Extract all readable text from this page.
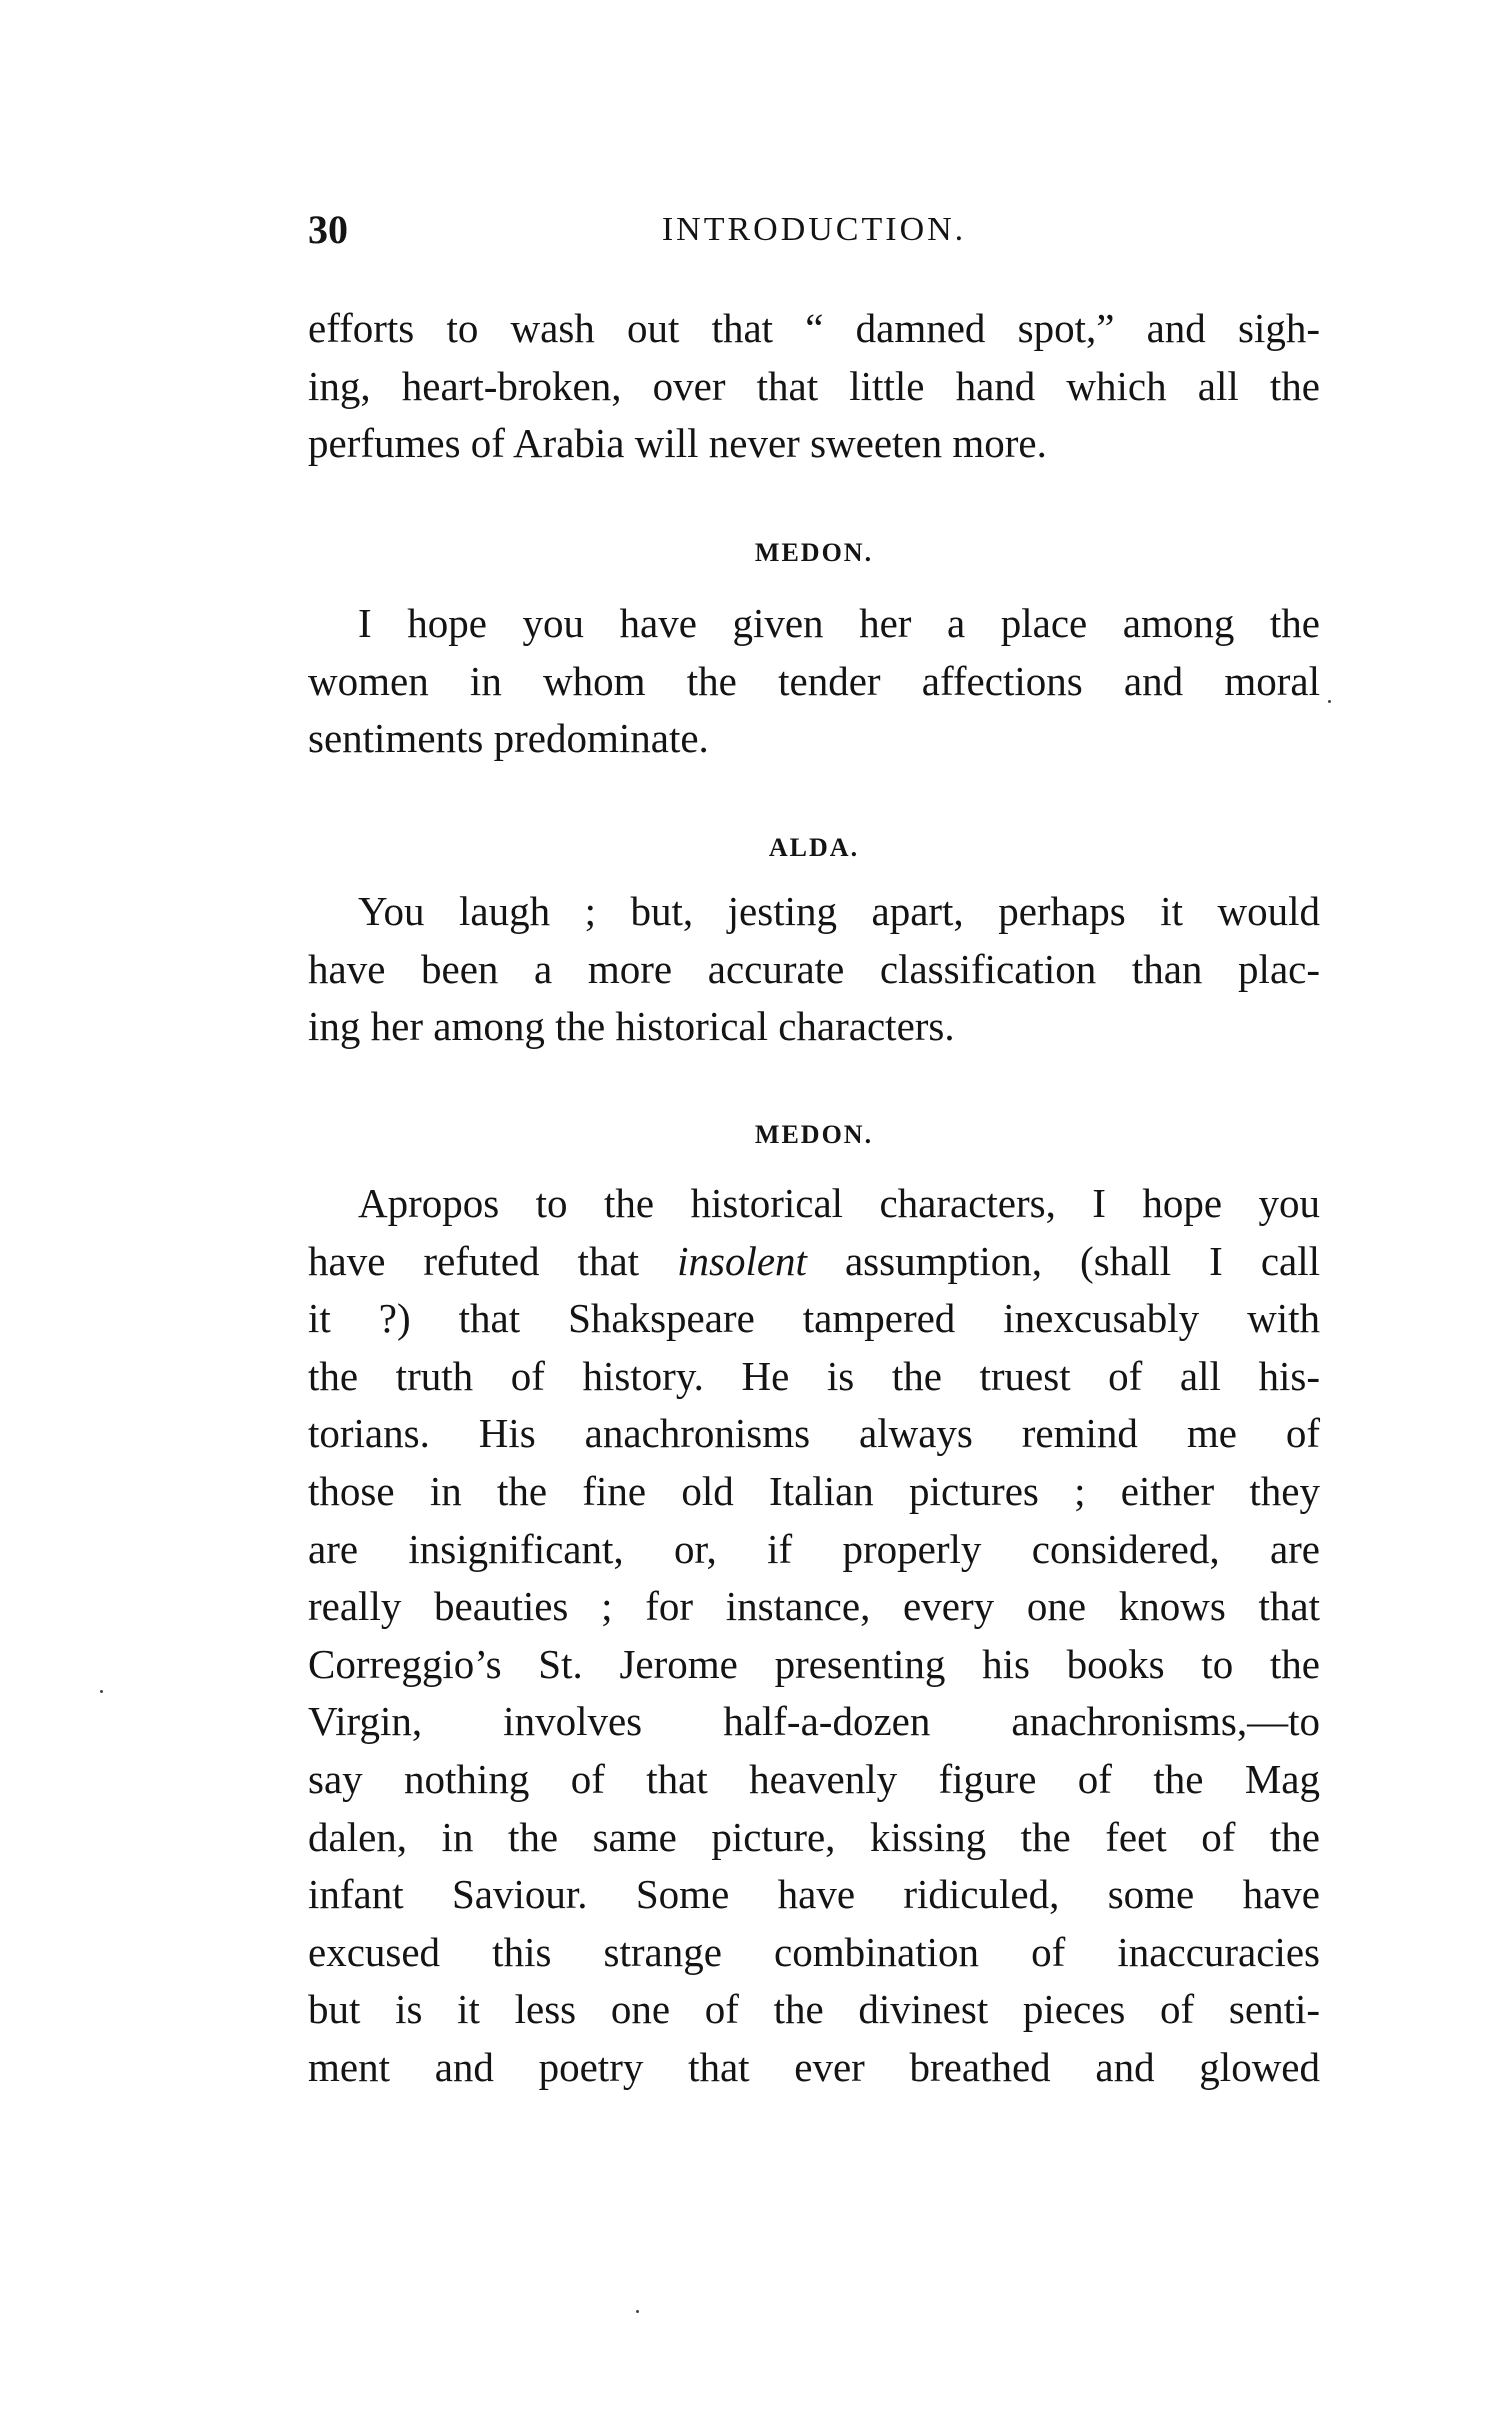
30	INTRODUCTION.
efforts to wash out that “ damned spot,” and sigh-
ing, heart-broken, over that little hand which all the
perfumes of Arabia will never sweeten more.
MEDON.
I hope you have given her a place among the
women in whom the tender affections and moral
sentiments predominate.
ALDA.
You laugh ; but, jesting apart, perhaps it would
have been a more accurate classification than plac-
ing her among the historical characters.
MEDON.
Apropos to the historical characters, I hope you
have refuted that insolent assumption, (shall I call
it ?) that Shakspeare tampered inexcusably with
the truth of history. He is the truest of all his-
torians. His anachronisms always remind me of
those in the fine old Italian pictures ; either they
are insignificant, or, if properly considered, are
really beauties ; for instance, every one knows that
Correggio’s St. Jerome presenting his books to the
Virgin, involves half-a-dozen anachronisms,—to
say nothing of that heavenly figure of the Mag
dalen, in the same picture, kissing the feet of the
infant Saviour. Some have ridiculed, some have
excused this strange combination of inaccuracies
but is it less one of the divinest pieces of senti-
ment and poetry that ever breathed and glowed
